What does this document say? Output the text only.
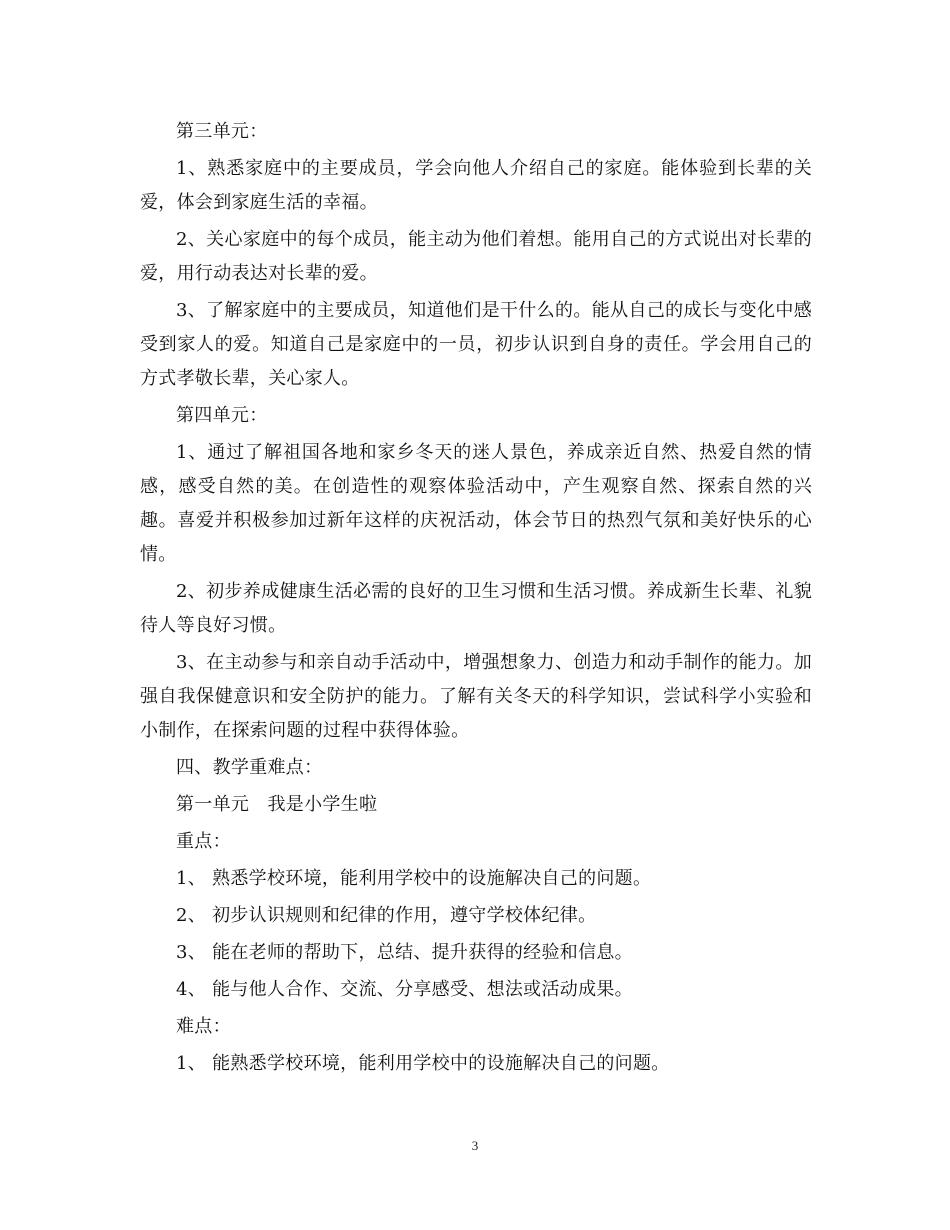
第三单元：

1、熟悉家庭中的主要成员，学会向他人介绍自己的家庭。能体验到长辈的关爱，体会到家庭生活的幸福。

2、关心家庭中的每个成员，能主动为他们着想。能用自己的方式说出对长辈的爱，用行动表达对长辈的爱。

3、了解家庭中的主要成员，知道他们是干什么的。能从自己的成长与变化中感受到家人的爱。知道自己是家庭中的一员，初步认识到自身的责任。学会用自己的方式孝敬长辈，关心家人。

第四单元：

1、通过了解祖国各地和家乡冬天的迷人景色，养成亲近自然、热爱自然的情感，感受自然的美。在创造性的观察体验活动中，产生观察自然、探索自然的兴趣。喜爱并积极参加过新年这样的庆祝活动，体会节日的热烈气氛和美好快乐的心情。

2、初步养成健康生活必需的良好的卫生习惯和生活习惯。养成新生长辈、礼貌待人等良好习惯。

3、在主动参与和亲自动手活动中，增强想象力、创造力和动手制作的能力。加强自我保健意识和安全防护的能力。了解有关冬天的科学知识，尝试科学小实验和小制作，在探索问题的过程中获得体验。

四、教学重难点：

第一单元　我是小学生啦

重点：

1、 熟悉学校环境，能利用学校中的设施解决自己的问题。

2、 初步认识规则和纪律的作用，遵守学校体纪律。

3、 能在老师的帮助下，总结、提升获得的经验和信息。

4、 能与他人合作、交流、分享感受、想法或活动成果。

难点：

1、 能熟悉学校环境，能利用学校中的设施解决自己的问题。

3
